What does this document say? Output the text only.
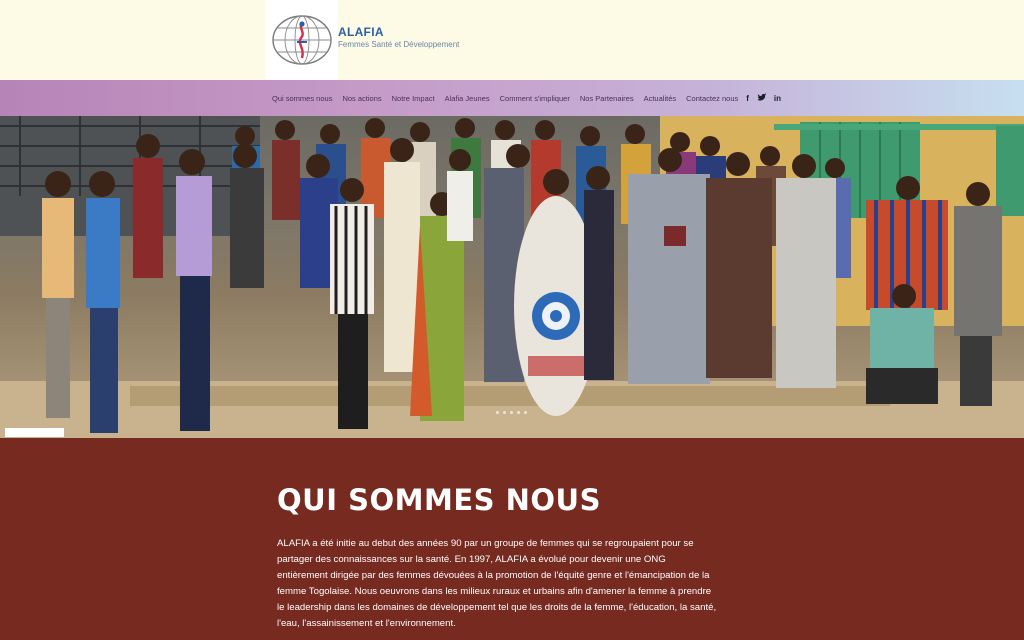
ALAFIA
Femmes Santé et Développement
Qui sommes nous Nos actions Notre Impact Alafia Jeunes Comment s'impliquer Nos Partenaires Actualités Contactez nous f	in
QUI SOMMES NOUS

ALAFIA a été initie au debut des années 90 par un groupe de femmes qui se regroupaient pour se partager des connaissances sur la santé. En 1997, ALAFIA a évolué pour devenir une ONG entièrement dirigée par des femmes dévouées à la promotion de l'équité genre et l'émancipation de la femme Togolaise. Nous oeuvrons dans les milieux ruraux et urbains afin d'amener la femme à prendre le leadership dans les domaines de développement tel que les droits de la femme, l'éducation, la santé, l'eau, l'assainissement et l'environnement.
